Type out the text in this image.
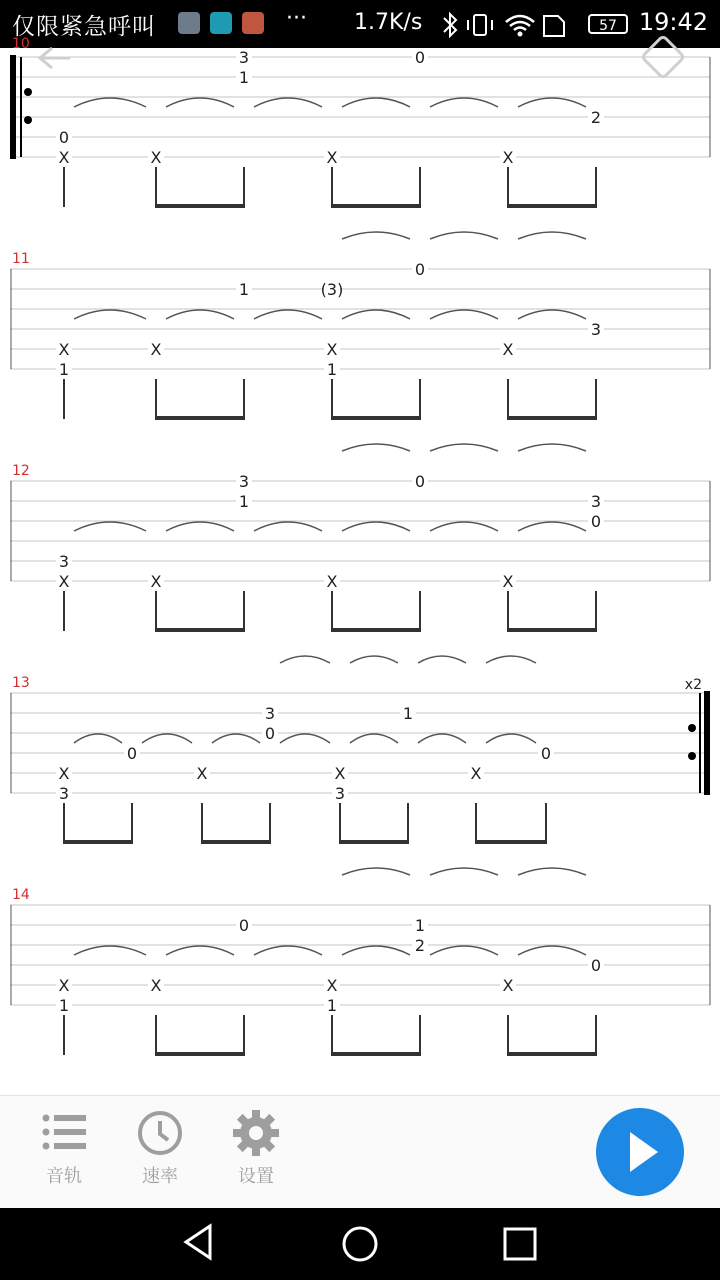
仅限紧急呼叫	··· 1.7K/s	57 19:42
10
X
0
X
3
1
X
0
X
2
11
X
1
X
1	(3)
X
1
0
X
3
12
3
X	X
3
1
X
0
X
3
0
x2
13
X
3
0
X
3
0
X
3
1
X
0
14
X
1
X
0
X
1
1
2
0
X
音轨	速率	设置
